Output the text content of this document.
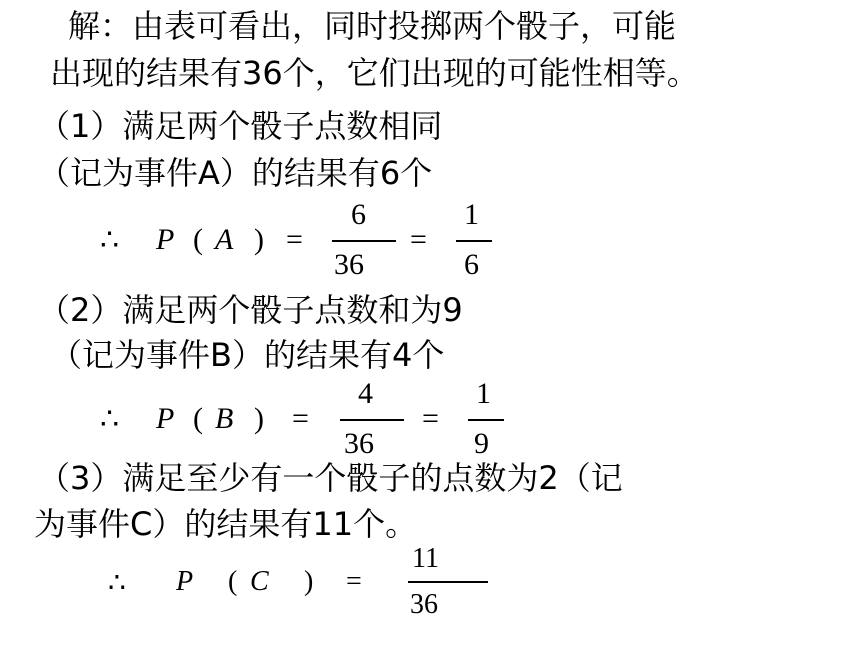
解：由表可看出，同时投掷两个骰子，可能
出现的结果有36个，它们出现的可能性相等。
（1）满足两个骰子点数相同
（记为事件A）的结果有6个
∴ P ( A ) =
6
36
=
1
6
（2）满足两个骰子点数和为9
（记为事件B）的结果有4个
∴ P ( B ) =
4
36
=
1
9
（3）满足至少有一个骰子的点数为2（记
为事件C）的结果有11个。
∴ P ( C ) =
11
36
